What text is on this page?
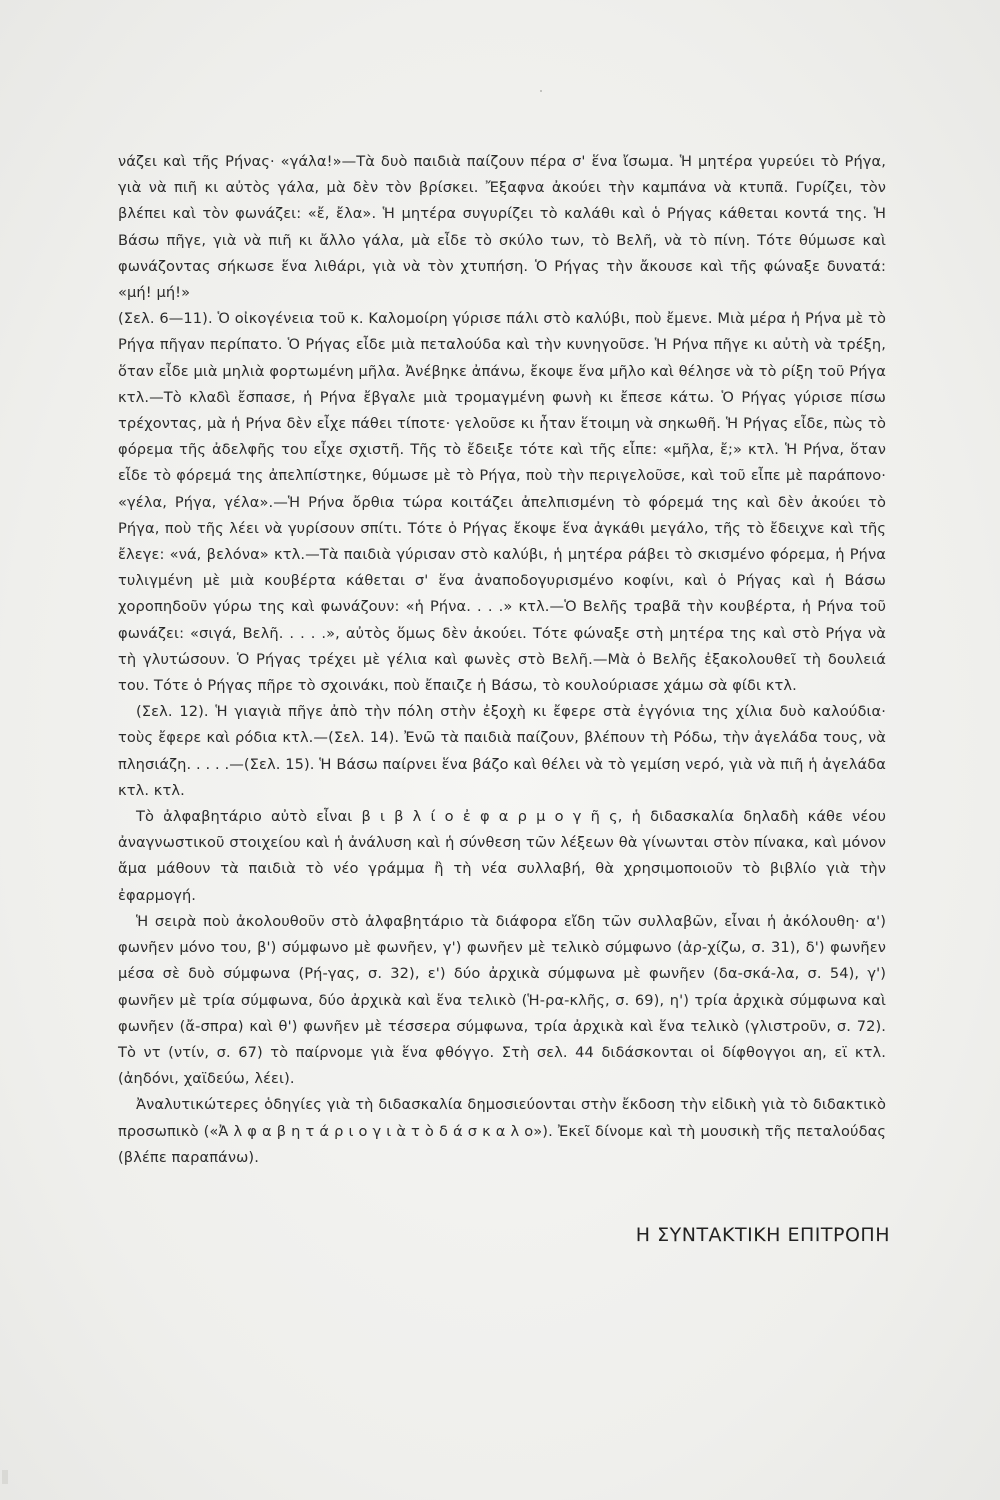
νάζει καὶ τῆς Ρήνας· «γάλα!»—Τὰ δυὸ παιδιὰ παίζουν πέρα σ' ἕνα ἴσωμα. Ἡ μητέρα γυρεύει τὸ Ρήγα, γιὰ νὰ πιῆ κι αὐτὸς γάλα, μὰ δὲν τὸν βρίσκει. Ἔξαφνα ἀκούει τὴν καμπάνα νὰ κτυπᾶ. Γυρίζει, τὸν βλέπει καὶ τὸν φωνάζει: «ἔ, ἔλα». Ἡ μητέρα συγυρίζει τὸ καλάθι καὶ ὁ Ρήγας κάθεται κοντά της. Ἡ Βάσω πῆγε, γιὰ νὰ πιῆ κι ἄλλο γάλα, μὰ εἶδε τὸ σκύλο των, τὸ Βελῆ, νὰ τὸ πίνη. Τότε θύμωσε καὶ φωνάζοντας σήκωσε ἕνα λιθάρι, γιὰ νὰ τὸν χτυπήση. Ὁ Ρήγας τὴν ἄκουσε καὶ τῆς φώναξε δυνατά: «μή! μή!»

(Σελ. 6—11). Ὁ οἰκογένεια τοῦ κ. Καλομοίρη γύρισε πάλι στὸ καλύβι, ποὺ ἔμενε. Μιὰ μέρα ἡ Ρήνα μὲ τὸ Ρήγα πῆγαν περίπατο. Ὁ Ρήγας εἶδε μιὰ πεταλούδα καὶ τὴν κυνηγοῦσε. Ἡ Ρήνα πῆγε κι αὐτὴ νὰ τρέξη, ὅταν εἶδε μιὰ μηλιὰ φορτωμένη μῆλα. Ἀνέβηκε ἀπάνω, ἔκοψε ἕνα μῆλο καὶ θέλησε νὰ τὸ ρίξη τοῦ Ρήγα κτλ.—Τὸ κλαδὶ ἔσπασε, ἡ Ρήνα ἔβγαλε μιὰ τρομαγμένη φωνὴ κι ἔπεσε κάτω. Ὁ Ρήγας γύρισε πίσω τρέχοντας, μὰ ἡ Ρήνα δὲν εἶχε πάθει τίποτε· γελοῦσε κι ἦταν ἕτοιμη νὰ σηκωθῆ. Ἡ Ρήγας εἶδε, πὼς τὸ φόρεμα τῆς ἀδελφῆς του εἶχε σχιστῆ. Τῆς τὸ ἔδειξε τότε καὶ τῆς εἶπε: «μῆλα, ἔ;» κτλ. Ἡ Ρήνα, ὅταν εἶδε τὸ φόρεμά της ἀπελπίστηκε, θύμωσε μὲ τὸ Ρήγα, ποὺ τὴν περιγελοῦσε, καὶ τοῦ εἶπε μὲ παράπονο· «γέλα, Ρήγα, γέλα».—Ἡ Ρήνα ὄρθια τώρα κοιτάζει ἀπελπισμένη τὸ φόρεμά της καὶ δὲν ἀκούει τὸ Ρήγα, ποὺ τῆς λέει νὰ γυρίσουν σπίτι. Τότε ὁ Ρήγας ἔκοψε ἕνα ἀγκάθι μεγάλο, τῆς τὸ ἔδειχνε καὶ τῆς ἔλεγε: «νά, βελόνα» κτλ.—Τὰ παιδιὰ γύρισαν στὸ καλύβι, ἡ μητέρα ράβει τὸ σκισμένο φόρεμα, ἡ Ρήνα τυλιγμένη μὲ μιὰ κουβέρτα κάθεται σ' ἕνα ἀναποδογυρισμένο κοφίνι, καὶ ὁ Ρήγας καὶ ἡ Βάσω χοροπηδοῦν γύρω της καὶ φωνάζουν: «ἡ Ρήνα. . . .» κτλ.—Ὁ Βελῆς τραβᾶ τὴν κουβέρτα, ἡ Ρήνα τοῦ φωνάζει: «σιγά, Βελῆ. . . . .», αὐτὸς ὅμως δὲν ἀκούει. Τότε φώναξε στὴ μητέρα της καὶ στὸ Ρήγα νὰ τὴ γλυτώσουν. Ὁ Ρήγας τρέχει μὲ γέλια καὶ φωνὲς στὸ Βελῆ.—Μὰ ὁ Βελῆς ἐξακολουθεῖ τὴ δουλειά του. Τότε ὁ Ρήγας πῆρε τὸ σχοινάκι, ποὺ ἔπαιζε ἡ Βάσω, τὸ κουλούριασε χάμω σὰ φίδι κτλ.

(Σελ. 12). Ἡ γιαγιὰ πῆγε ἀπὸ τὴν πόλη στὴν ἐξοχὴ κι ἔφερε στὰ ἐγγόνια της χίλια δυὸ καλούδια· τοὺς ἔφερε καὶ ρόδια κτλ.—(Σελ. 14). Ἐνῶ τὰ παιδιὰ παίζουν, βλέπουν τὴ Ρόδω, τὴν ἀγελάδα τους, νὰ πλησιάζη. . . . .—(Σελ. 15). Ἡ Βάσω παίρνει ἕνα βάζο καὶ θέλει νὰ τὸ γεμίση νερό, γιὰ νὰ πιῆ ἡ ἀγελάδα κτλ. κτλ.

Τὸ ἀλφαβητάριο αὐτὸ εἶναι β ι β λ ί ο ἐ φ α ρ μ ο γ ῆ ς, ἡ διδασκαλία δηλαδὴ κάθε νέου ἀναγνωστικοῦ στοιχείου καὶ ἡ ἀνάλυση καὶ ἡ σύνθεση τῶν λέξεων θὰ γίνωνται στὸν πίνακα, καὶ μόνον ἅμα μάθουν τὰ παιδιὰ τὸ νέο γράμμα ἢ τὴ νέα συλλαβή, θὰ χρησιμοποιοῦν τὸ βιβλίο γιὰ τὴν ἐφαρμογή.

Ἡ σειρὰ ποὺ ἀκολουθοῦν στὸ ἀλφαβητάριο τὰ διάφορα εἴδη τῶν συλλαβῶν, εἶναι ἡ ἀκόλουθη· α') φωνῆεν μόνο του, β') σύμφωνο μὲ φωνῆεν, γ') φωνῆεν μὲ τελικὸ σύμφωνο (ἀρ-χίζω, σ. 31), δ') φωνῆεν μέσα σὲ δυὸ σύμφωνα (Ρή-γας, σ. 32), ε') δύο ἀρχικὰ σύμφωνα μὲ φωνῆεν (δα-σκά-λα, σ. 54), γ') φωνῆεν μὲ τρία σύμφωνα, δύο ἀρχικὰ καὶ ἕνα τελικὸ (Ἡ-ρα-κλῆς, σ. 69), η') τρία ἀρχικὰ σύμφωνα καὶ φωνῆεν (ἄ-σπρα) καὶ θ') φωνῆεν μὲ τέσσερα σύμφωνα, τρία ἀρχικὰ καὶ ἕνα τελικὸ (γλιστροῦν, σ. 72). Τὸ ντ (ντίν, σ. 67) τὸ παίρνομε γιὰ ἕνα φθόγγο. Στὴ σελ. 44 διδάσκονται οἱ δίφθογγοι αη, εϊ κτλ. (ἀηδόνι, χαϊδεύω, λέει).

Ἀναλυτικώτερες ὁδηγίες γιὰ τὴ διδασκαλία δημοσιεύονται στὴν ἔκδοση τὴν εἰδικὴ γιὰ τὸ διδακτικὸ προσωπικὸ («Ἀ λ φ α β η τ ά ρ ι ο γ ι ὰ τ ὸ δ ά σ κ α λ ο»). Ἐκεῖ δίνομε καὶ τὴ μουσικὴ τῆς πεταλούδας (βλέπε παραπάνω).

Η ΣΥΝΤΑΚΤΙΚΗ ΕΠΙΤΡΟΠΗ
